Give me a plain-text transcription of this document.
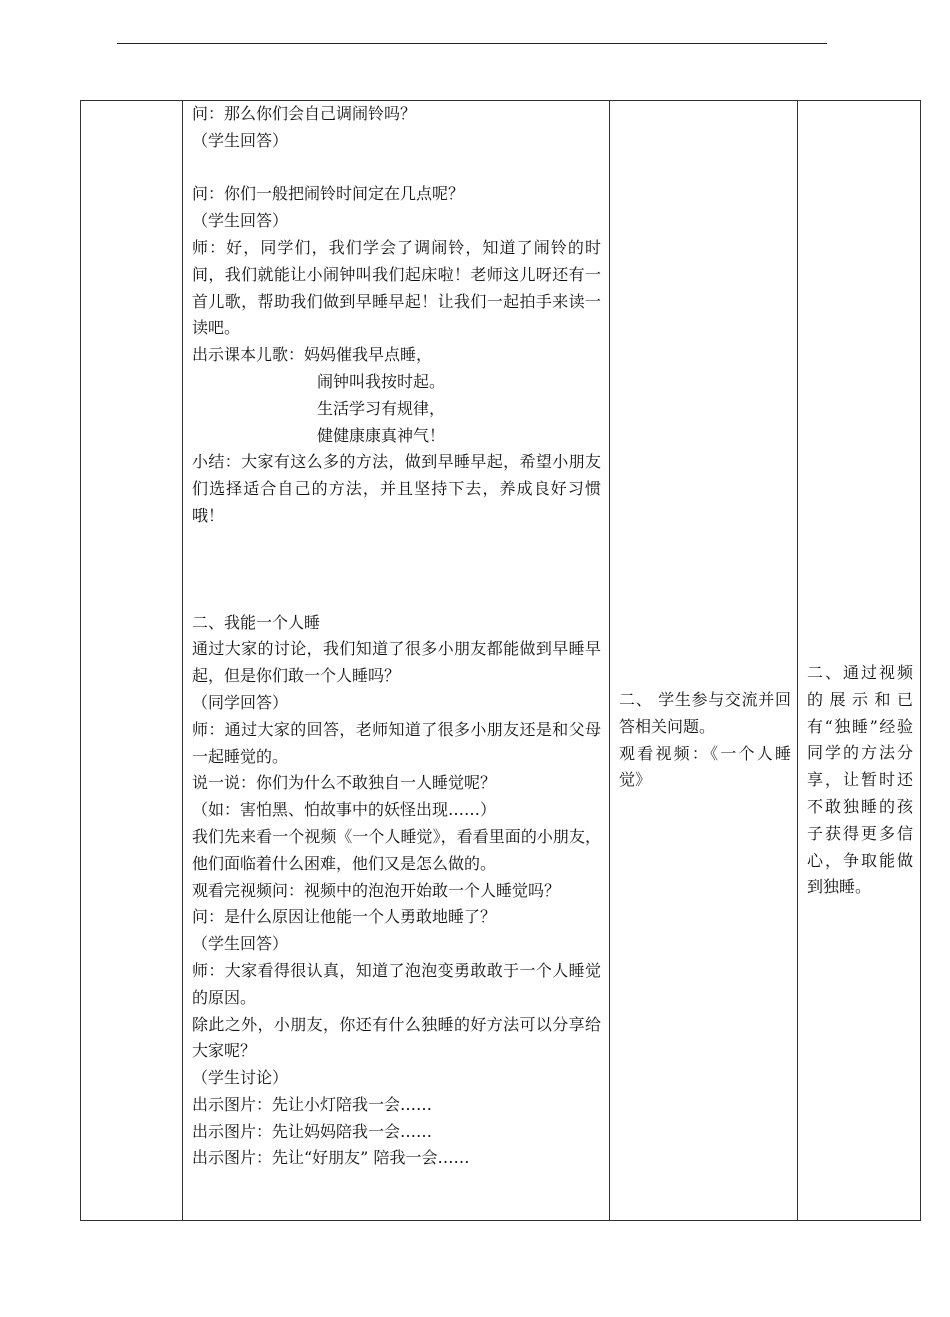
问：那么你们会自己调闹铃吗？
（学生回答）
问：你们一般把闹铃时间定在几点呢？
（学生回答）
师：好，同学们，我们学会了调闹铃，知道了闹铃的时间，我们就能让小闹钟叫我们起床啦！老师这儿呀还有一首儿歌，帮助我们做到早睡早起！让我们一起拍手来读一读吧。
出示课本儿歌：妈妈催我早点睡，
闹钟叫我按时起。
生活学习有规律，
健健康康真神气！
小结：大家有这么多的方法，做到早睡早起，希望小朋友们选择适合自己的方法，并且坚持下去，养成良好习惯哦！
二、我能一个人睡
通过大家的讨论，我们知道了很多小朋友都能做到早睡早起，但是你们敢一个人睡吗？
（同学回答）
师：通过大家的回答，老师知道了很多小朋友还是和父母一起睡觉的。
说一说：你们为什么不敢独自一人睡觉呢？
（如：害怕黑、怕故事中的妖怪出现……）
我们先来看一个视频《一个人睡觉》，看看里面的小朋友，他们面临着什么困难，他们又是怎么做的。
观看完视频问：视频中的泡泡开始敢一个人睡觉吗？
问：是什么原因让他能一个人勇敢地睡了？
（学生回答）
师：大家看得很认真，知道了泡泡变勇敢敢于一个人睡觉的原因。
除此之外，小朋友，你还有什么独睡的好方法可以分享给大家呢？
（学生讨论）
出示图片：先让小灯陪我一会……
出示图片：先让妈妈陪我一会……
出示图片：先让“好朋友” 陪我一会……

二、 学生参与交流并回答相关问题。
观看视频：《一个人睡觉》

二、通过视频的展示和已有“独睡”经验同学的方法分享，让暂时还不敢独睡的孩子获得更多信心，争取能做到独睡。
